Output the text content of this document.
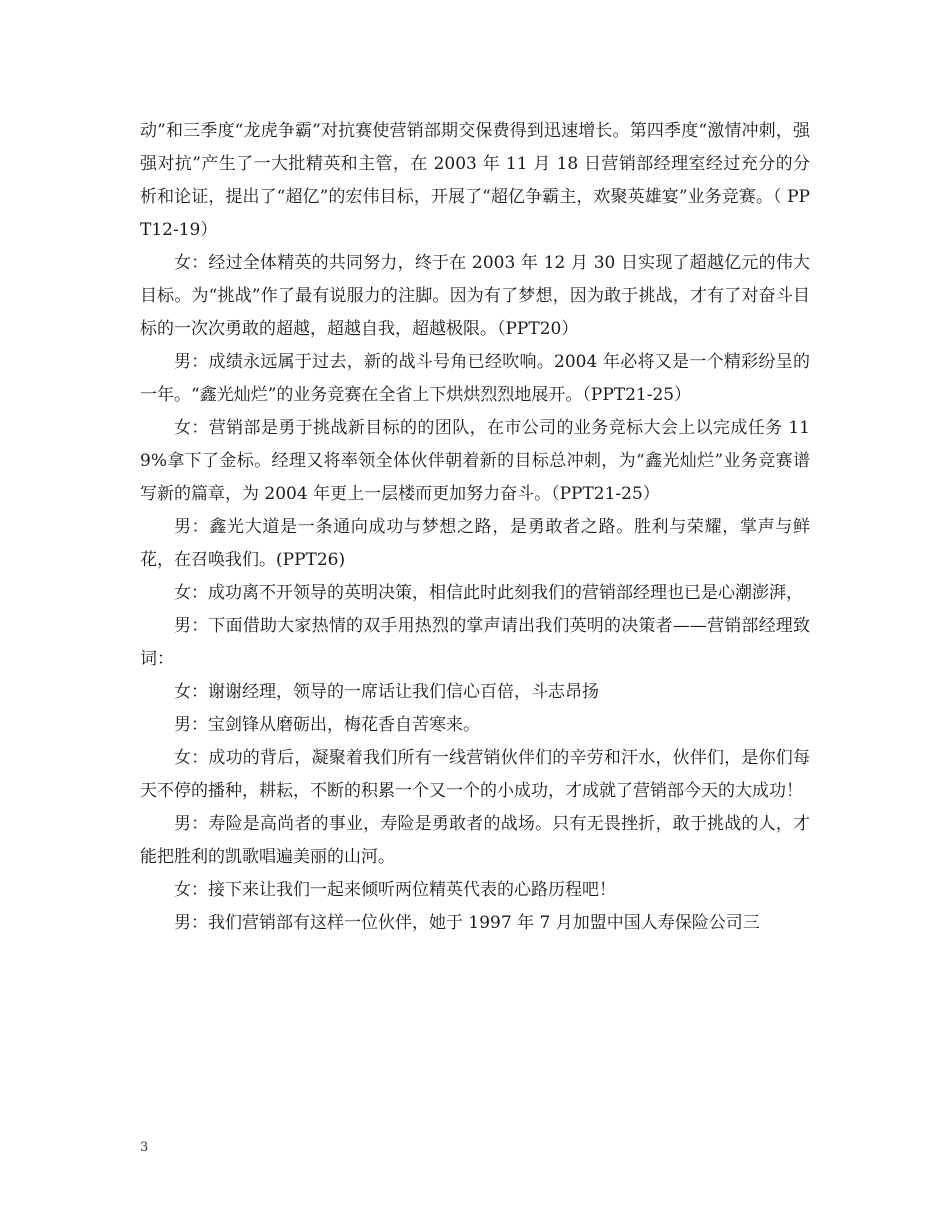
动”和三季度“龙虎争霸”对抗赛使营销部期交保费得到迅速增长。第四季度“激情冲刺，强强对抗”产生了一大批精英和主管，在 2003 年 11 月 18 日营销部经理室经过充分的分析和论证，提出了“超亿”的宏伟目标，开展了“超亿争霸主，欢聚英雄宴”业务竞赛。（ PPT12-19）

女：经过全体精英的共同努力，终于在 2003 年 12 月 30 日实现了超越亿元的伟大目标。为“挑战”作了最有说服力的注脚。因为有了梦想，因为敢于挑战，才有了对奋斗目标的一次次勇敢的超越，超越自我，超越极限。（PPT20）

男：成绩永远属于过去，新的战斗号角已经吹响。2004 年必将又是一个精彩纷呈的一年。“鑫光灿烂”的业务竞赛在全省上下烘烘烈烈地展开。（PPT21-25）

女：营销部是勇于挑战新目标的的团队，在市公司的业务竞标大会上以完成任务 119%拿下了金标。经理又将率领全体伙伴朝着新的目标总冲刺，为“鑫光灿烂”业务竞赛谱写新的篇章，为 2004 年更上一层楼而更加努力奋斗。（PPT21-25）

男：鑫光大道是一条通向成功与梦想之路，是勇敢者之路。胜利与荣耀，掌声与鲜花，在召唤我们。(PPT26)

女：成功离不开领导的英明决策，相信此时此刻我们的营销部经理也已是心潮澎湃，

男：下面借助大家热情的双手用热烈的掌声请出我们英明的决策者——营销部经理致词：

女：谢谢经理，领导的一席话让我们信心百倍，斗志昂扬

男：宝剑锋从磨砺出，梅花香自苦寒来。

女：成功的背后，凝聚着我们所有一线营销伙伴们的辛劳和汗水，伙伴们，是你们每天不停的播种，耕耘，不断的积累一个又一个的小成功，才成就了营销部今天的大成功！

男：寿险是高尚者的事业，寿险是勇敢者的战场。只有无畏挫折，敢于挑战的人，才能把胜利的凯歌唱遍美丽的山河。

女：接下来让我们一起来倾听两位精英代表的心路历程吧！

男：我们营销部有这样一位伙伴，她于 1997 年 7 月加盟中国人寿保险公司三

3
